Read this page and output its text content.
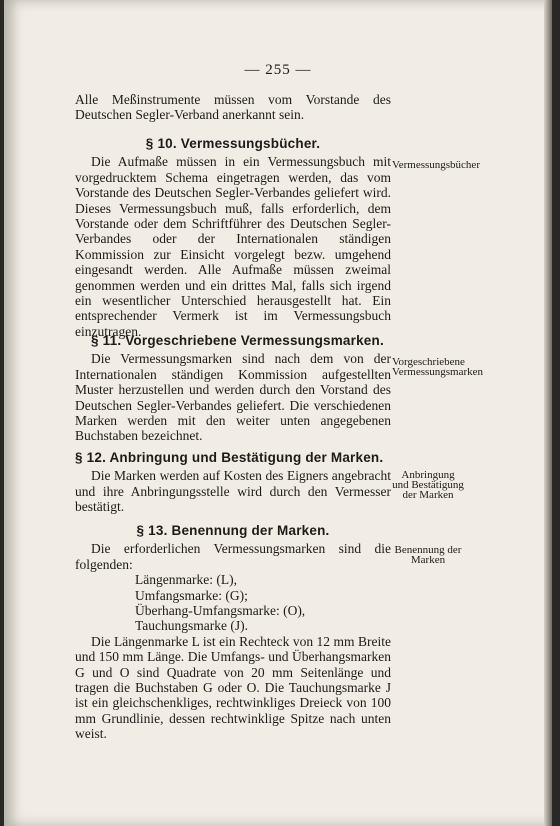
— 255 —

Alle Meßinstrumente müssen vom Vorstande des Deutschen Segler-Verband anerkannt sein.

§ 10. Vermessungsbücher.

Die Aufmaße müssen in ein Vermessungsbuch mit vorgedrucktem Schema eingetragen werden, das vom Vorstande des Deutschen Segler-Verbandes geliefert wird. Dieses Vermessungsbuch muß, falls erforderlich, dem Vorstande oder dem Schriftführer des Deutschen Segler-Verbandes oder der Internationalen ständigen Kommission zur Einsicht vorgelegt bezw. umgehend eingesandt werden. Alle Aufmaße müssen zweimal genommen werden und ein drittes Mal, falls sich irgend ein wesentlicher Unterschied herausgestellt hat. Ein entsprechender Vermerk ist im Vermessungsbuch einzutragen.

Vermessungsbücher
§ 11. Vorgeschriebene Vermessungsmarken.

Die Vermessungsmarken sind nach dem von der Internationalen ständigen Kommission aufgestellten Muster herzustellen und werden durch den Vorstand des Deutschen Segler-Verbandes geliefert. Die verschiedenen Marken werden mit den weiter unten angegebenen Buchstaben bezeichnet.

Vorgeschriebene Vermessungsmarken
§ 12. Anbringung und Bestätigung der Marken.

Die Marken werden auf Kosten des Eigners angebracht und ihre Anbringungsstelle wird durch den Vermesser bestätigt.

Anbringung und Bestätigung der Marken
§ 13. Benennung der Marken.

Die erforderlichen Vermessungsmarken sind die folgenden:

Längenmarke: (L),
Umfangsmarke: (G);
Überhang-Umfangsmarke: (O),
Tauchungsmarke (J).

Die Längenmarke L ist ein Rechteck von 12 mm Breite und 150 mm Länge. Die Umfangs- und Überhangsmarken G und O sind Quadrate von 20 mm Seitenlänge und tragen die Buchstaben G oder O. Die Tauchungsmarke J ist ein gleichschenkliges, rechtwinkliges Dreieck von 100 mm Grundlinie, dessen rechtwinklige Spitze nach unten weist.

Benennung der Marken
